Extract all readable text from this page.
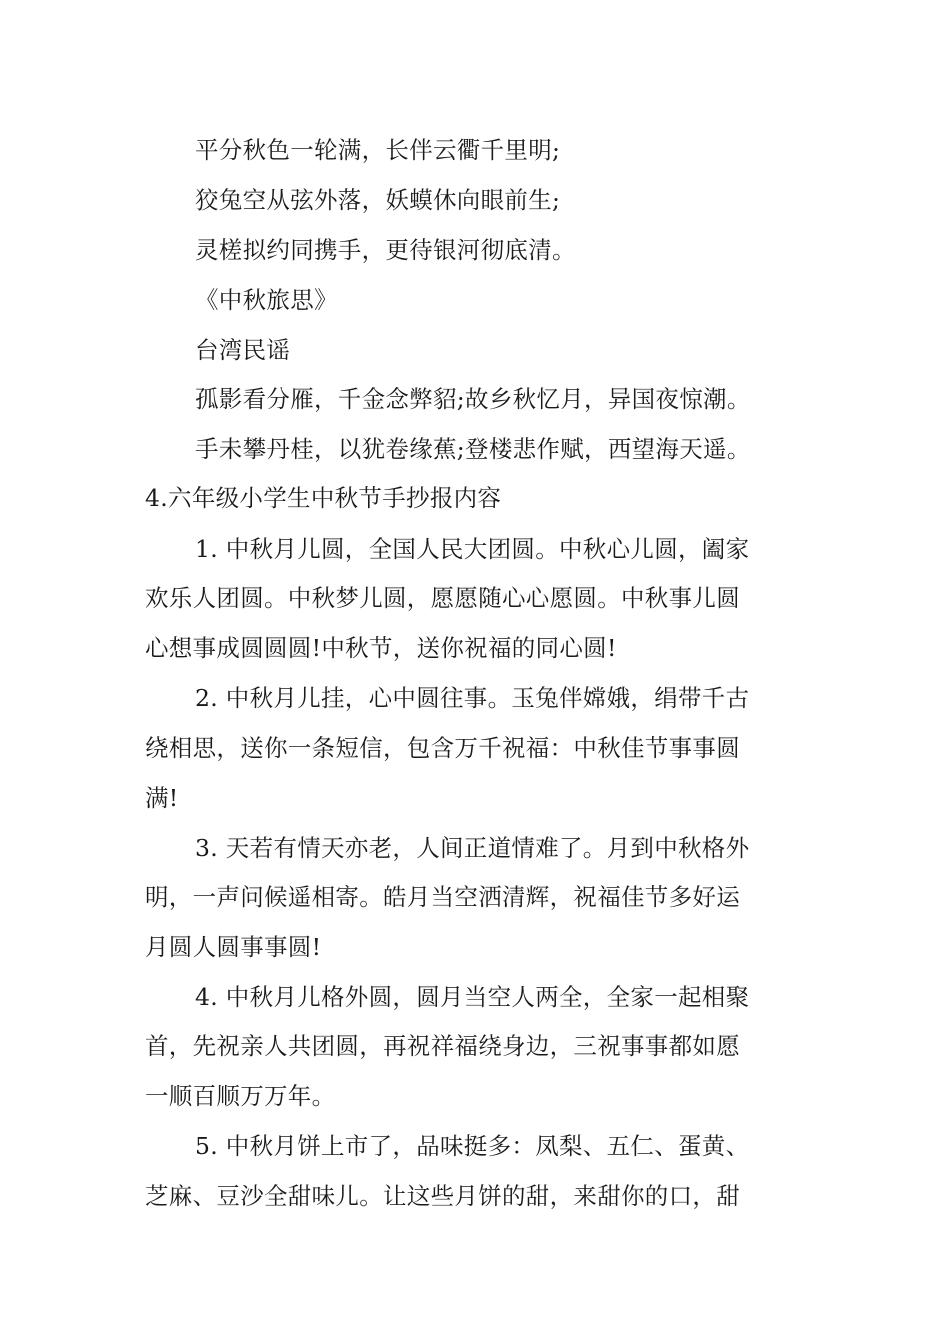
平分秋色一轮满，长伴云衢千里明;
狡兔空从弦外落，妖蟆休向眼前生;
灵槎拟约同携手，更待银河彻底清。
《中秋旅思》
台湾民谣
孤影看分雁，千金念弊貂;故乡秋忆月，异国夜惊潮。
手未攀丹桂，以犹卷缘蕉;登楼悲作赋，西望海天遥。
4.六年级小学生中秋节手抄报内容
1. 中秋月儿圆，全国人民大团圆。中秋心儿圆，阖家
欢乐人团圆。中秋梦儿圆，愿愿随心心愿圆。中秋事儿圆
心想事成圆圆圆!中秋节，送你祝福的同心圆!
2. 中秋月儿挂，心中圆往事。玉兔伴嫦娥，绢带千古
绕相思，送你一条短信，包含万千祝福：中秋佳节事事圆
满!
3. 天若有情天亦老，人间正道情难了。月到中秋格外
明，一声问候遥相寄。皓月当空洒清辉，祝福佳节多好运
月圆人圆事事圆!
4. 中秋月儿格外圆，圆月当空人两全，全家一起相聚
首，先祝亲人共团圆，再祝祥福绕身边，三祝事事都如愿
一顺百顺万万年。
5. 中秋月饼上市了，品味挺多：凤梨、五仁、蛋黄、
芝麻、豆沙全甜味儿。让这些月饼的甜，来甜你的口，甜
